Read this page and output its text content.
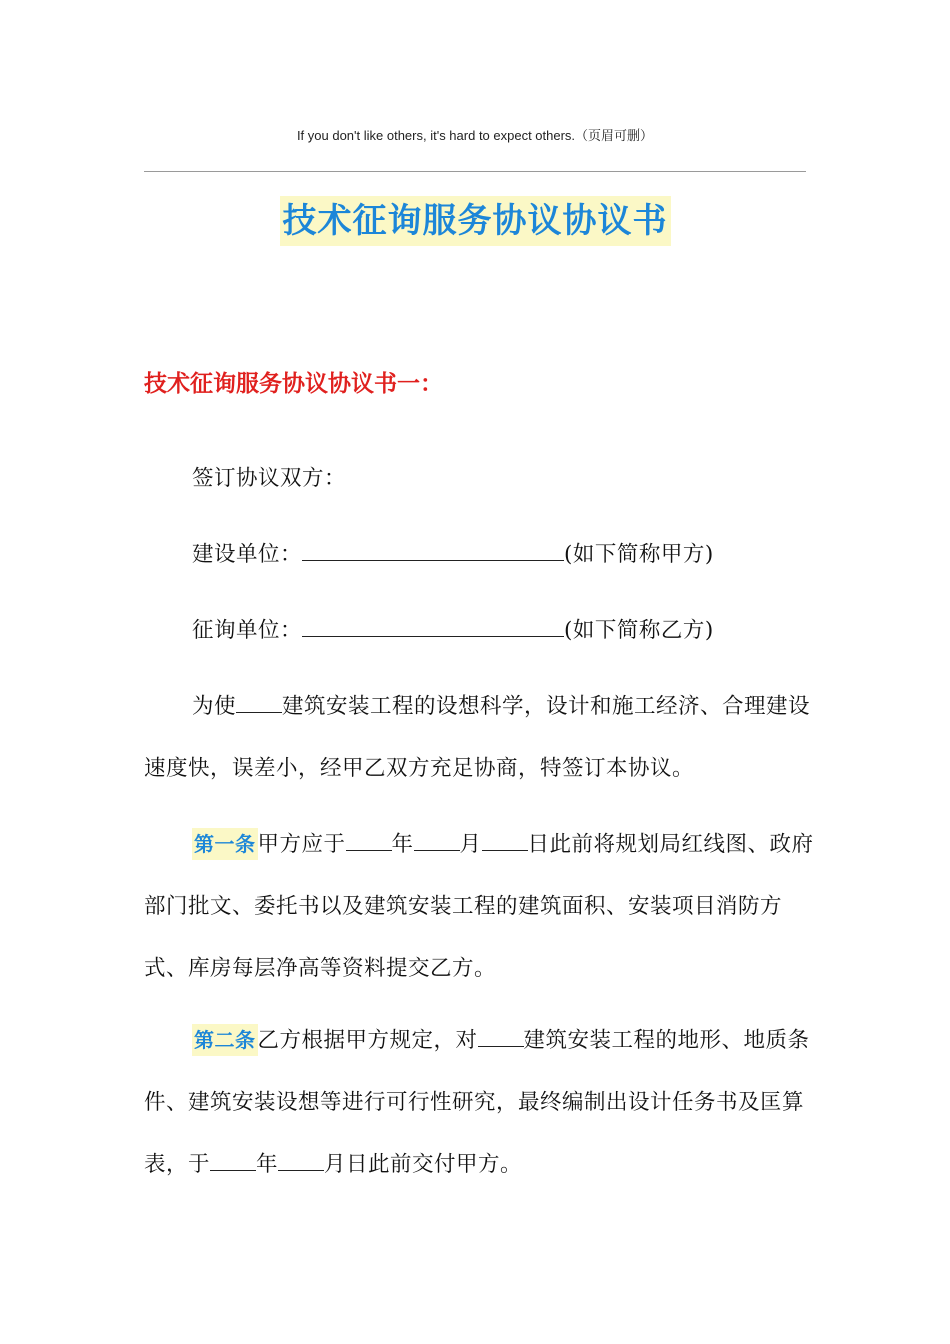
If you don't like others, it's hard to expect others.（页眉可删）
技术征询服务协议协议书
技术征询服务协议协议书一：
签订协议双方：
建设单位：	(如下简称甲方)
征询单位：	(如下简称乙方)
为使 建筑安装工程的设想科学，设计和施工经济、合理建设速度快，误差小，经甲乙双方充足协商，特签订本协议。
第一条甲方应于 年 月 日此前将规划局红线图、政府部门批文、委托书以及建筑安装工程的建筑面积、安装项目消防方式、库房每层净高等资料提交乙方。
第二条乙方根据甲方规定，对 建筑安装工程的地形、地质条件、建筑安装设想等进行可行性研究，最终编制出设计任务书及匡算表，于 年 月日此前交付甲方。
